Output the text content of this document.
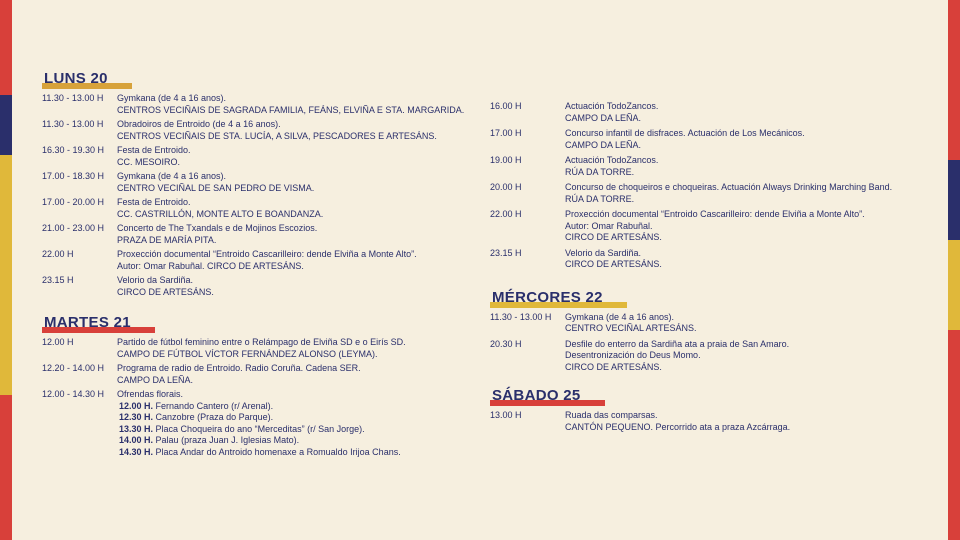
LUNS 20
11.30 - 13.00 H	Gymkana (de 4 a 16 anos).
CENTROS VECIÑAIS DE SAGRADA FAMILIA, FEÁNS, ELVIÑA E STA. MARGARIDA.
11.30 - 13.00 H	Obradoiros de Entroido (de 4 a 16 anos).
CENTROS VECIÑAIS DE STA. LUCÍA, A SILVA, PESCADORES E ARTESÁNS.
16.30 - 19.30 H	Festa de Entroido.
CC. MESOIRO.
17.00 - 18.30 H	Gymkana (de 4 a 16 anos).
CENTRO VECIÑAL DE SAN PEDRO DE VISMA.
17.00 - 20.00 H	Festa de Entroido.
CC. CASTRILLÓN, MONTE ALTO E BOANDANZA.
21.00 - 23.00 H	Concerto de The Txandals e de Mojinos Escozios.
PRAZA DE MARÍA PITA.
22.00 H	Proxección documental “Entroido Cascarilleiro: dende Elviña a Monte Alto”.
Autor: Omar Rabuñal. CIRCO DE ARTESÁNS.
23.15 H	Velorio da Sardiña.
CIRCO DE ARTESÁNS.
MARTES 21
12.00 H	Partido de fútbol feminino entre o Relámpago de Elviña SD e o Eirís SD.
CAMPO DE FÚTBOL VÍCTOR FERNÁNDEZ ALONSO (LEYMA).
12.20 - 14.00 H	Programa de radio de Entroido. Radio Coruña. Cadena SER.
CAMPO DA LEÑA.
12.00 - 14.30 H	Ofrendas florais.
12.00 H. Fernando Cantero (r/ Arenal).
12.30 H. Canzobre (Praza do Parque).
13.30 H. Placa Choqueira do ano “Merceditas” (r/ San Jorge).
14.00 H. Palau (praza Juan J. Iglesias Mato).
14.30 H. Placa Andar do Antroido homenaxe a Romualdo Irijoa Chans.
16.00 H	Actuación TodoZancos.
CAMPO DA LEÑA.
17.00 H	Concurso infantil de disfraces. Actuación de Los Mecánicos.
CAMPO DA LEÑA.
19.00 H	Actuación TodoZancos.
RÚA DA TORRE.
20.00 H	Concurso de choqueiros e choqueiras. Actuación Always Drinking Marching Band.
RÚA DA TORRE.
22.00 H	Proxección documental “Entroido Cascarilleiro: dende Elviña a Monte Alto”.
Autor: Omar Rabuñal.
CIRCO DE ARTESÁNS.
23.15 H	Velorio da Sardiña.
CIRCO DE ARTESÁNS.
MÉRCORES 22
11.30 - 13.00 H	Gymkana (de 4 a 16 anos).
CENTRO VECIÑAL ARTESÁNS.
20.30 H	Desfile do enterro da Sardiña ata a praia de San Amaro.
Desentronización do Deus Momo.
CIRCO DE ARTESÁNS.
SÁBADO 25
13.00 H	Ruada das comparsas.
CANTÓN PEQUENO. Percorrido ata a praza Azcárraga.
